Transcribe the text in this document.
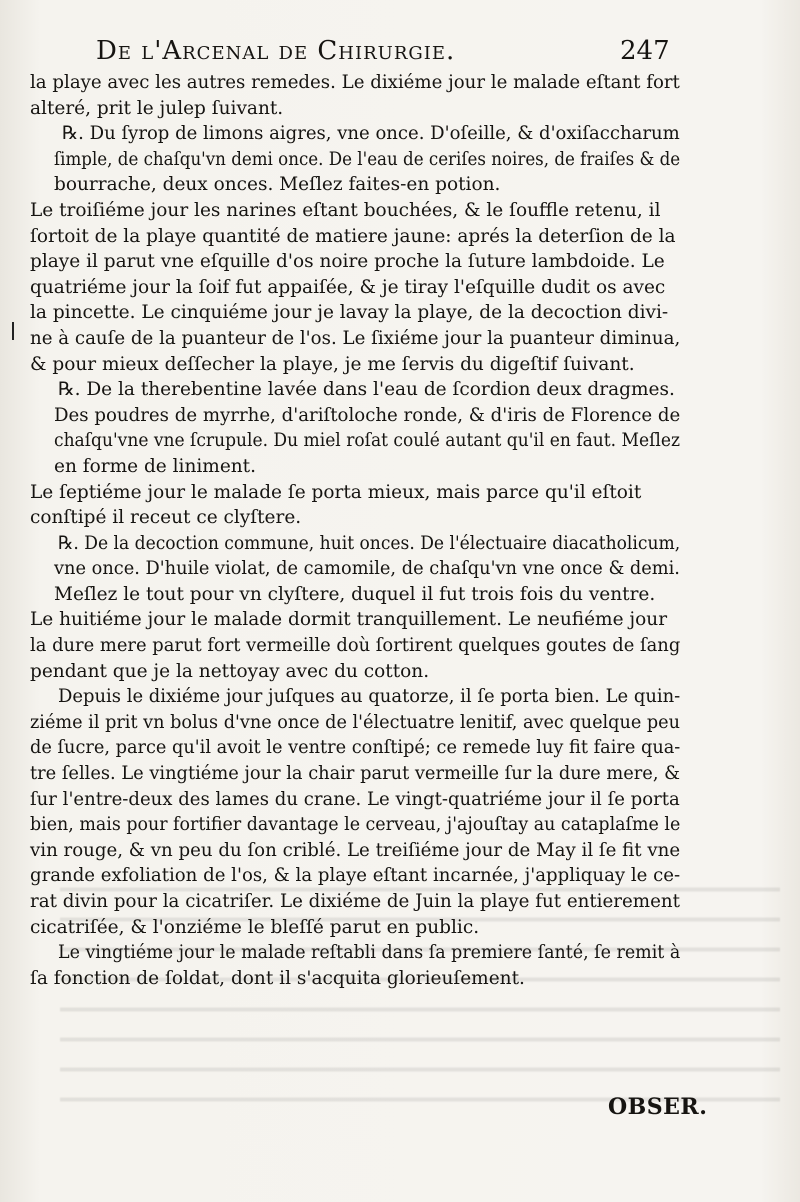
De l'Arcenal de Chirurgie.	247
la playe avec les autres remedes. Le dixiéme jour le malade eſtant fort
alteré, prit le julep ſuivant.
℞. Du ſyrop de limons aigres, vne once. D'oſeille, & d'oxiſaccharum
ſimple, de chaſqu'vn demi once. De l'eau de ceriſes noires, de fraiſes & de
bourrache, deux onces. Meſlez faites-en potion.
Le troiſiéme jour les narines eſtant bouchées, & le ſouffle retenu, il
ſortoit de la playe quantité de matiere jaune: aprés la deterſion de la
playe il parut vne eſquille d'os noire proche la ſuture lambdoide. Le
quatriéme jour la ſoif fut appaiſée, & je tiray l'eſquille dudit os avec
la pincette. Le cinquiéme jour je lavay la playe, de la decoction divi-
ne à cauſe de la puanteur de l'os. Le ſixiéme jour la puanteur diminua,
& pour mieux deſſecher la playe, je me ſervis du digeſtif ſuivant.
℞. De la therebentine lavée dans l'eau de ſcordion deux dragmes.
Des poudres de myrrhe, d'ariſtoloche ronde, & d'iris de Florence de
chaſqu'vne vne ſcrupule. Du miel roſat coulé autant qu'il en faut. Meſlez
en forme de liniment.
Le ſeptiéme jour le malade ſe porta mieux, mais parce qu'il eſtoit
conſtipé il receut ce clyſtere.
℞. De la decoction commune, huit onces. De l'électuaire diacatholicum,
vne once. D'huile violat, de camomile, de chaſqu'vn vne once & demi.
Meſlez le tout pour vn clyſtere, duquel il fut trois fois du ventre.
Le huitiéme jour le malade dormit tranquillement. Le neufiéme jour
la dure mere parut fort vermeille doù ſortirent quelques goutes de ſang
pendant que je la nettoyay avec du cotton.
Depuis le dixiéme jour juſques au quatorze, il ſe porta bien. Le quin-
ziéme il prit vn bolus d'vne once de l'électuatre lenitif, avec quelque peu
de ſucre, parce qu'il avoit le ventre conſtipé; ce remede luy fit faire qua-
tre ſelles. Le vingtiéme jour la chair parut vermeille ſur la dure mere, &
ſur l'entre-deux des lames du crane. Le vingt-quatriéme jour il ſe porta
bien, mais pour fortifier davantage le cerveau, j'ajouſtay au cataplaſme le
vin rouge, & vn peu du ſon criblé. Le treiſiéme jour de May il ſe fit vne
grande exfoliation de l'os, & la playe eſtant incarnée, j'appliquay le ce-
rat divin pour la cicatriſer. Le dixiéme de Juin la playe fut entierement
cicatriſée, & l'onziéme le bleſſé parut en public.
Le vingtiéme jour le malade reſtabli dans ſa premiere ſanté, ſe remit à
ſa fonction de ſoldat, dont il s'acquita glorieuſement.
OBSER.
